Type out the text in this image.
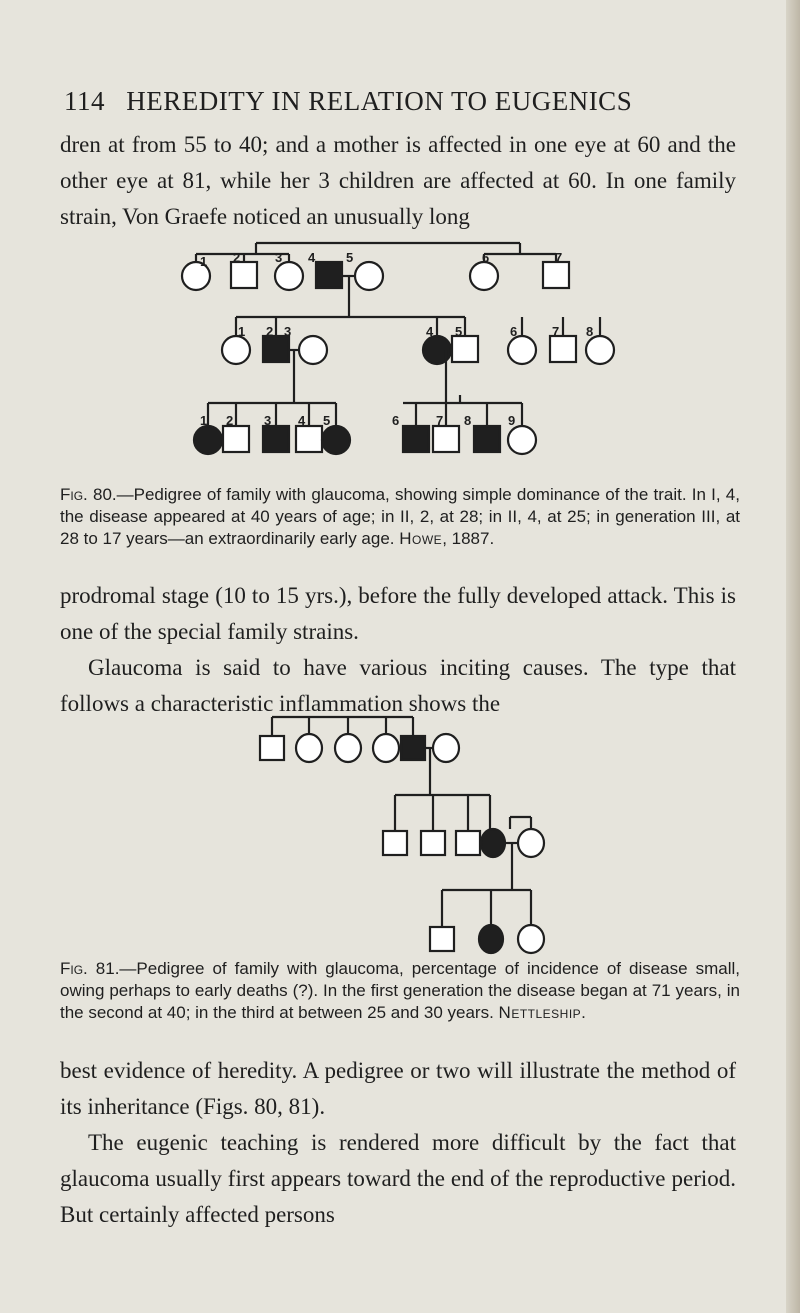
114 HEREDITY IN RELATION TO EUGENICS

dren at from 55 to 40; and a mother is affected in one eye at 60 and the other eye at 81, while her 3 children are affected at 60. In one family strain, Von Graefe noticed an unusually long

1 2	3 4 5	6	7
1 2 3	4 5	6	7 8
1 2 3 4 5	6	7 8	9
Fig. 80.—Pedigree of family with glaucoma, showing simple dominance of the trait. In I, 4, the disease appeared at 40 years of age; in II, 2, at 28; in II, 4, at 25; in generation III, at 28 to 17 years—an extraordinarily early age. Howe, 1887.

prodromal stage (10 to 15 yrs.), before the fully developed attack. This is one of the special family strains.

Glaucoma is said to have various inciting causes. The type that follows a characteristic inflammation shows the

Fig. 81.—Pedigree of family with glaucoma, percentage of incidence of disease small, owing perhaps to early deaths (?). In the first generation the disease began at 71 years, in the second at 40; in the third at between 25 and 30 years. Nettleship.

best evidence of heredity. A pedigree or two will illustrate the method of its inheritance (Figs. 80, 81).

The eugenic teaching is rendered more difficult by the fact that glaucoma usually first appears toward the end of the reproductive period. But certainly affected persons
